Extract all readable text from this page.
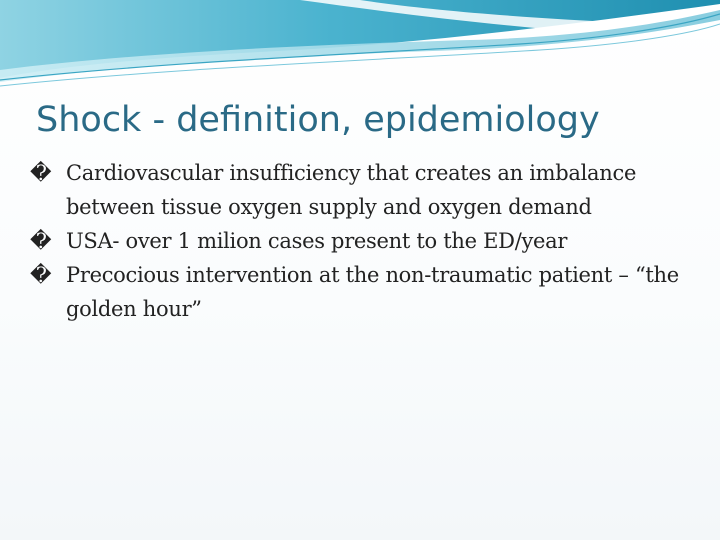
Shock - definition, epidemiology
� Cardiovascular insufficiency that creates an imbalance between tissue oxygen supply and oxygen demand
� USA- over 1 milion cases present to the ED/year
� Precocious intervention at the non-traumatic patient – “the golden hour”
